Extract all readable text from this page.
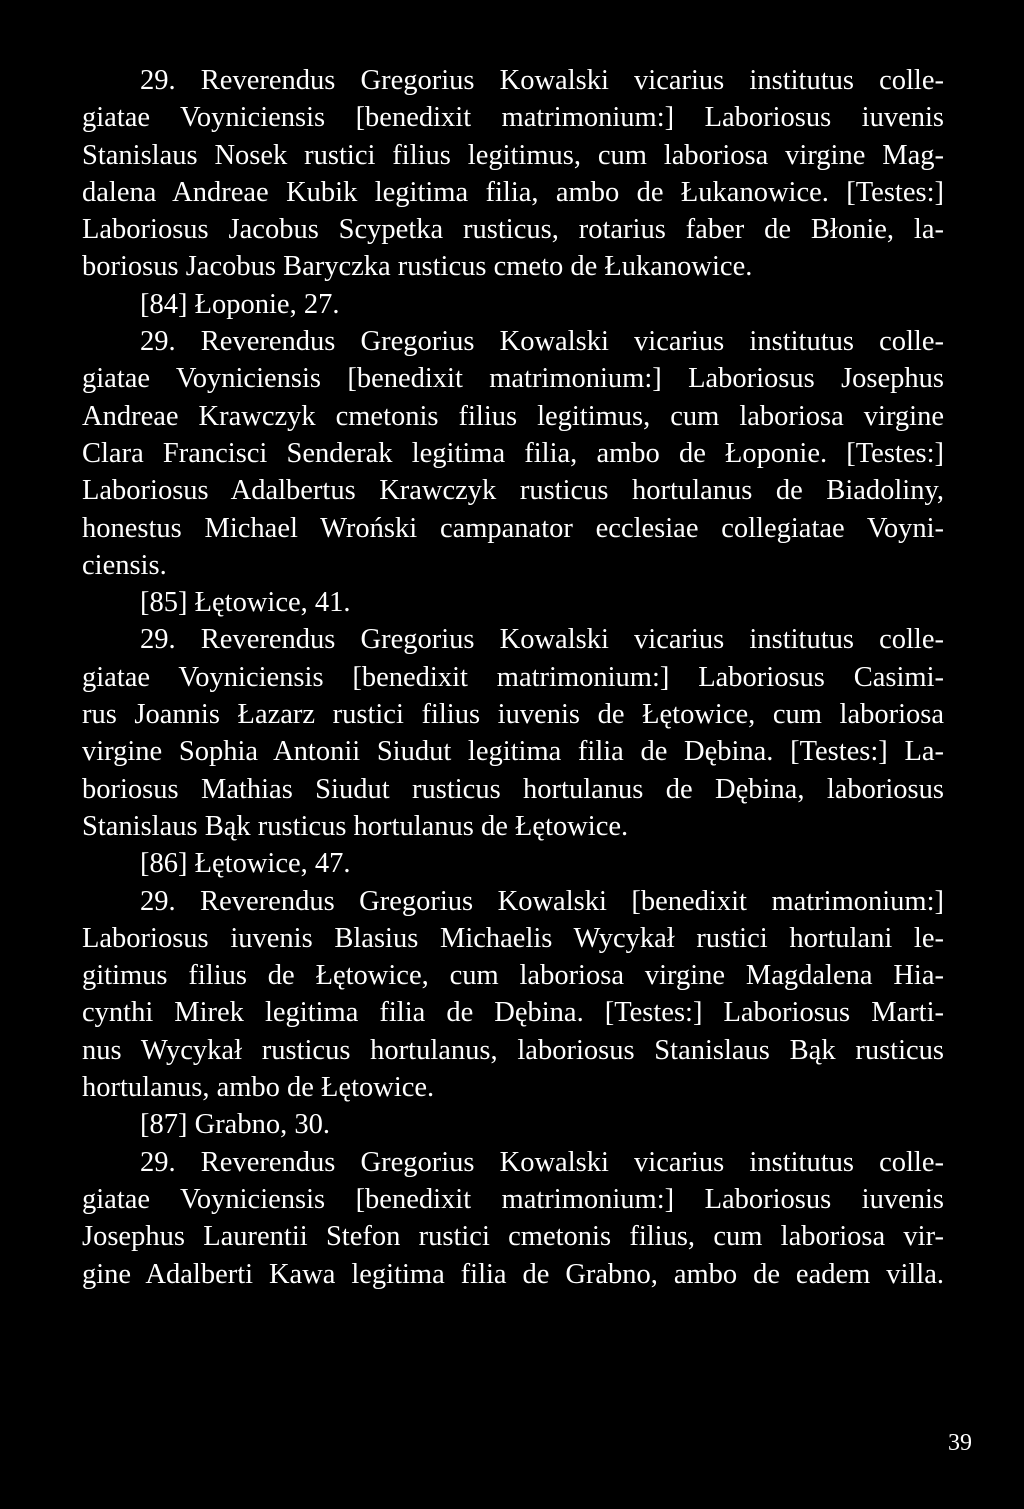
29. Reverendus Gregorius Kowalski vicarius institutus colle-
giatae Voyniciensis [benedixit matrimonium:] Laboriosus iuvenis
Stanislaus Nosek rustici filius legitimus, cum laboriosa virgine Mag-
dalena Andreae Kubik legitima filia, ambo de Łukanowice. [Testes:]
Laboriosus Jacobus Scypetka rusticus, rotarius faber de Błonie, la-
boriosus Jacobus Baryczka rusticus cmeto de Łukanowice.
[84] Łoponie, 27.
29. Reverendus Gregorius Kowalski vicarius institutus colle-
giatae Voyniciensis [benedixit matrimonium:] Laboriosus Josephus
Andreae Krawczyk cmetonis filius legitimus, cum laboriosa virgine
Clara Francisci Senderak legitima filia, ambo de Łoponie. [Testes:]
Laboriosus Adalbertus Krawczyk rusticus hortulanus de Biadoliny,
honestus Michael Wroński campanator ecclesiae collegiatae Voyni-
ciensis.
[85] Łętowice, 41.
29. Reverendus Gregorius Kowalski vicarius institutus colle-
giatae Voyniciensis [benedixit matrimonium:] Laboriosus Casimi-
rus Joannis Łazarz rustici filius iuvenis de Łętowice, cum laboriosa
virgine Sophia Antonii Siudut legitima filia de Dębina. [Testes:] La-
boriosus Mathias Siudut rusticus hortulanus de Dębina, laboriosus
Stanislaus Bąk rusticus hortulanus de Łętowice.
[86] Łętowice, 47.
29. Reverendus Gregorius Kowalski [benedixit matrimonium:]
Laboriosus iuvenis Blasius Michaelis Wycykał rustici hortulani le-
gitimus filius de Łętowice, cum laboriosa virgine Magdalena Hia-
cynthi Mirek legitima filia de Dębina. [Testes:] Laboriosus Marti-
nus Wycykał rusticus hortulanus, laboriosus Stanislaus Bąk rusticus
hortulanus, ambo de Łętowice.
[87] Grabno, 30.
29. Reverendus Gregorius Kowalski vicarius institutus colle-
giatae Voyniciensis [benedixit matrimonium:] Laboriosus iuvenis
Josephus Laurentii Stefon rustici cmetonis filius, cum laboriosa vir-
gine Adalberti Kawa legitima filia de Grabno, ambo de eadem villa.
39
